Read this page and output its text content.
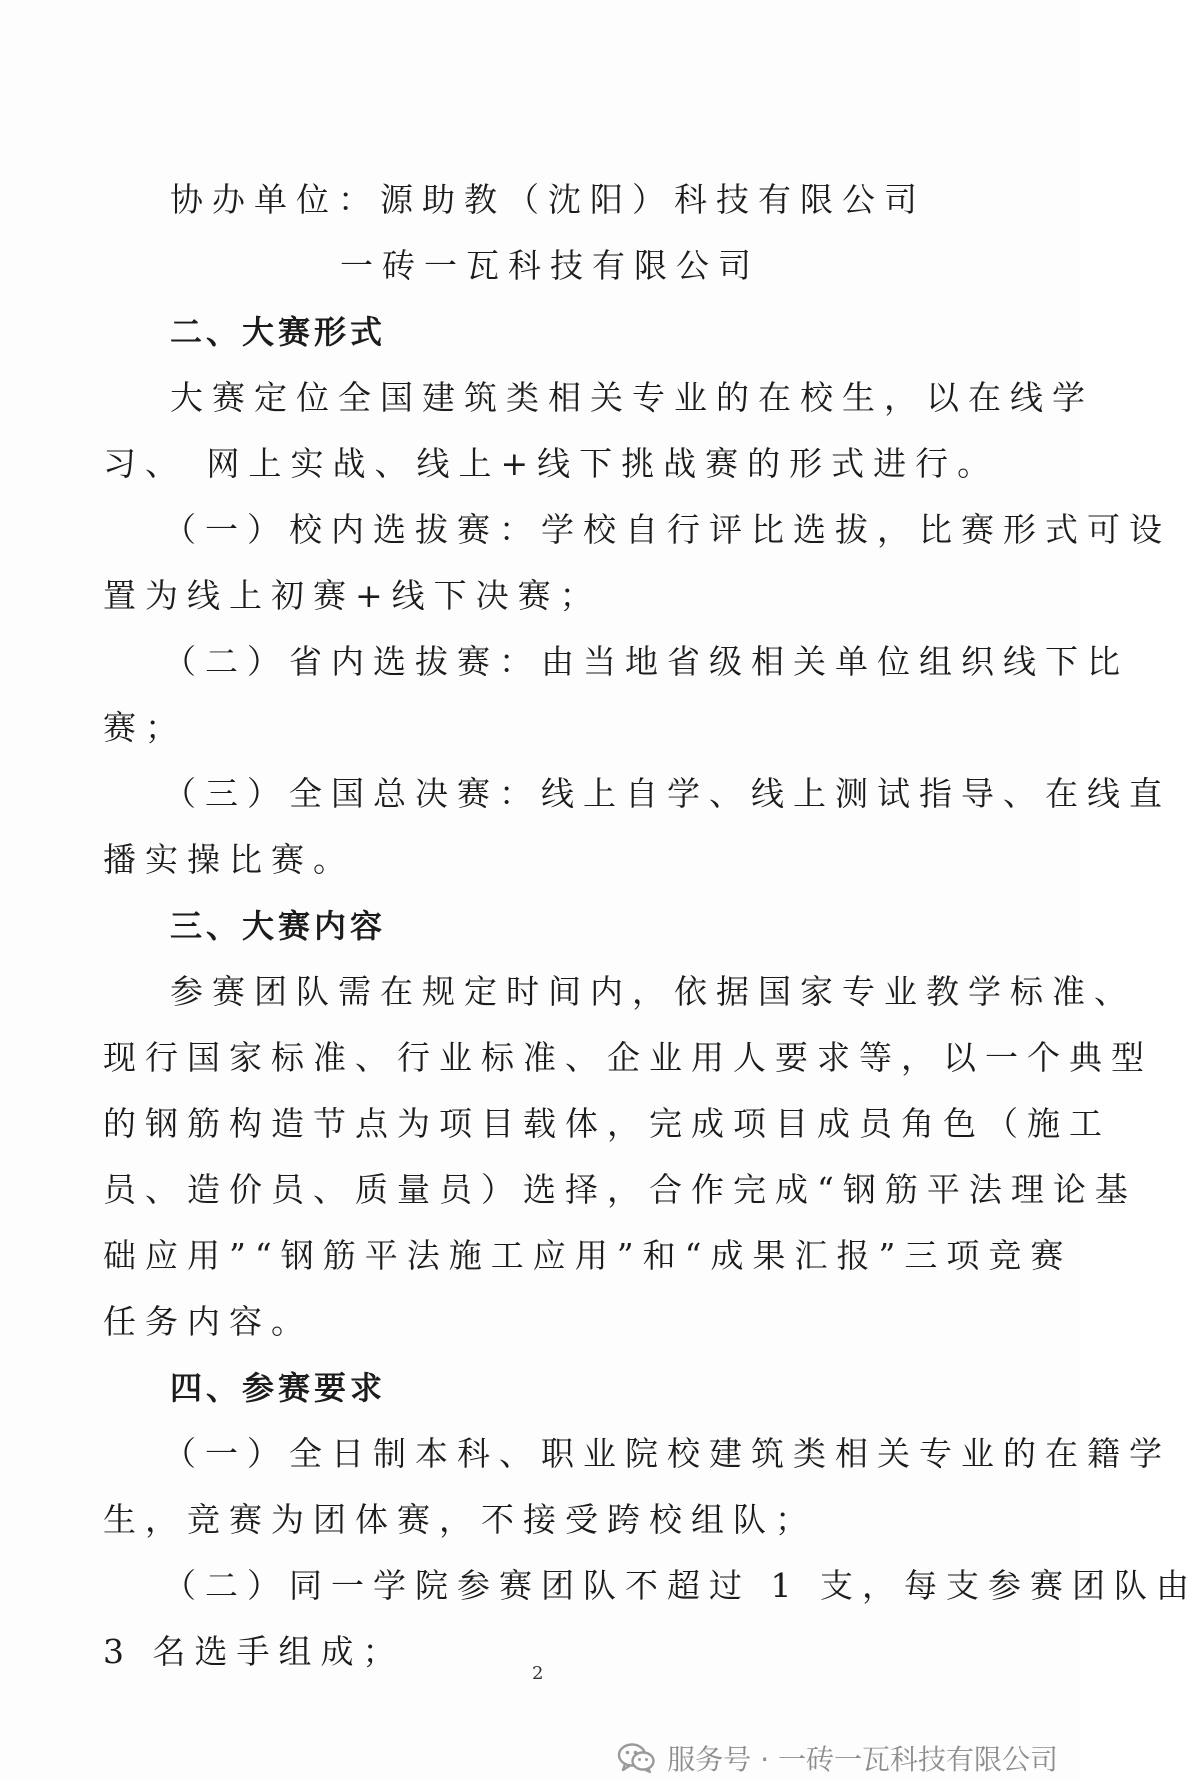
协办单位：源助教（沈阳）科技有限公司
一砖一瓦科技有限公司
二、大赛形式
大赛定位全国建筑类相关专业的在校生，以在线学
习、 网上实战、线上+线下挑战赛的形式进行。
（一）校内选拔赛：学校自行评比选拔，比赛形式可设
置为线上初赛+线下决赛；
（二）省内选拔赛：由当地省级相关单位组织线下比
赛；
（三）全国总决赛：线上自学、线上测试指导、在线直
播实操比赛。
三、大赛内容
参赛团队需在规定时间内，依据国家专业教学标准、
现行国家标准、行业标准、企业用人要求等，以一个典型
的钢筋构造节点为项目载体，完成项目成员角色（施工
员、造价员、质量员）选择，合作完成“钢筋平法理论基
础应用”“钢筋平法施工应用”和“成果汇报”三项竞赛
任务内容。
四、参赛要求
（一）全日制本科、职业院校建筑类相关专业的在籍学
生，竞赛为团体赛，不接受跨校组队；
（二）同一学院参赛团队不超过 1 支，每支参赛团队由
3 名选手组成；
2
服务号 · 一砖一瓦科技有限公司
